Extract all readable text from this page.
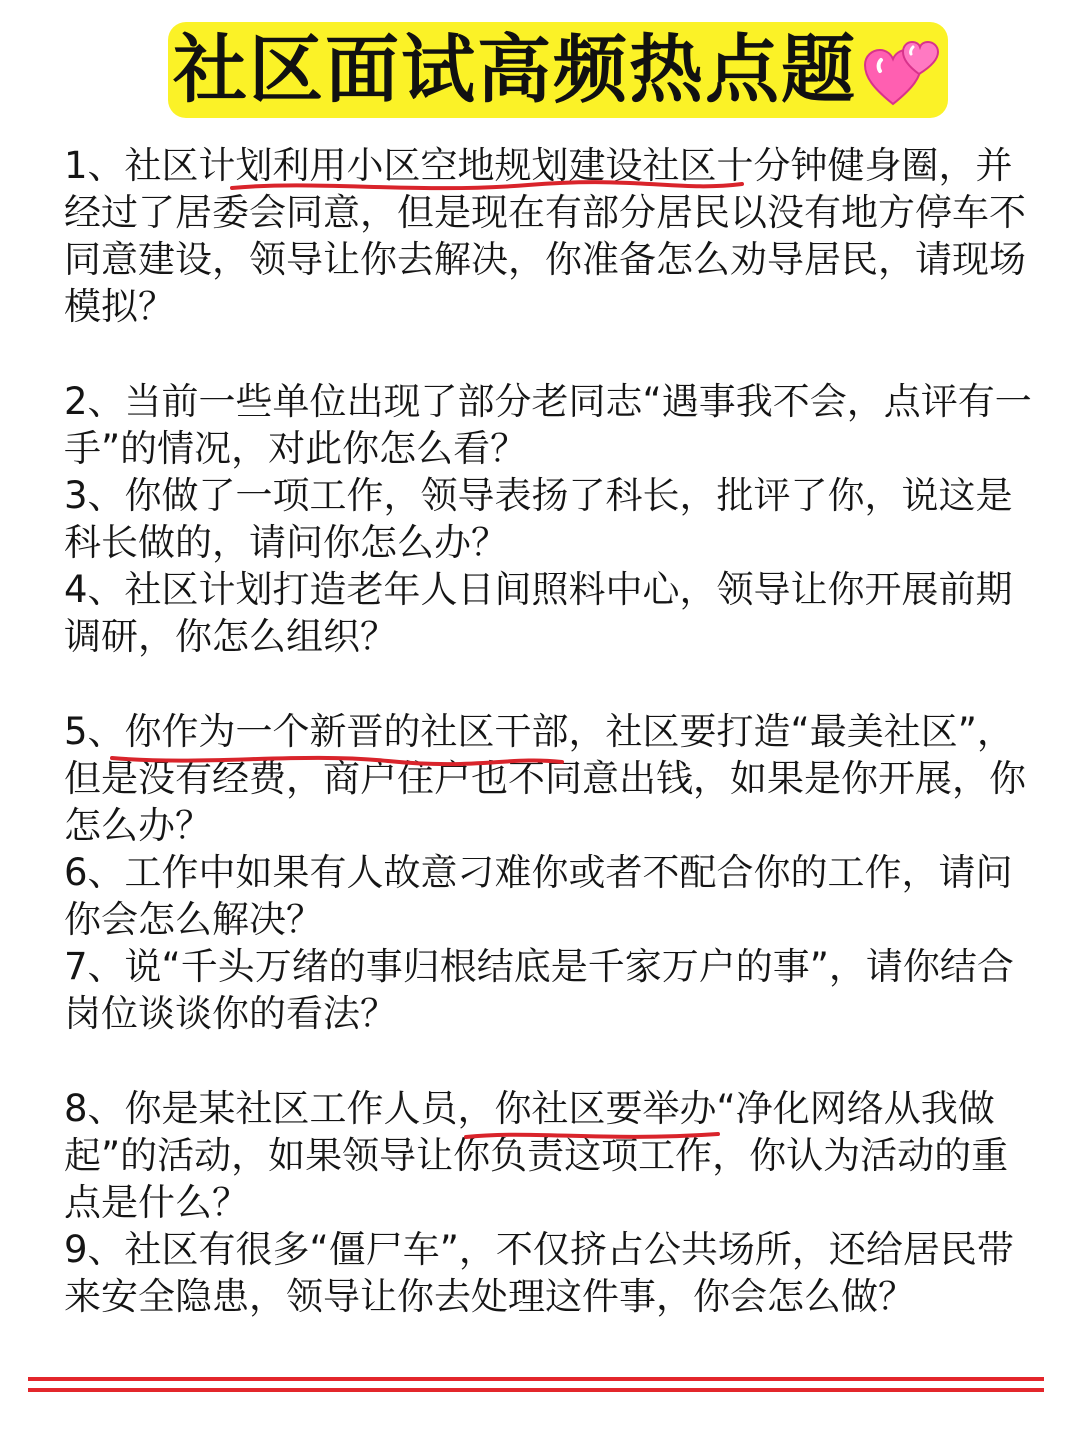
社区面试高频热点题

1、社区计划利用小区空地规划建设社区十分钟健身圈，并经过了居委会同意，但是现在有部分居民以没有地方停车不同意建设，领导让你去解决，你准备怎么劝导居民，请现场模拟？

2、当前一些单位出现了部分老同志“遇事我不会，点评有一手”的情况，对此你怎么看？

3、你做了一项工作，领导表扬了科长，批评了你，说这是科长做的，请问你怎么办？

4、社区计划打造老年人日间照料中心，领导让你开展前期调研，你怎么组织？

5、你作为一个新晋的社区干部，社区要打造“最美社区”，但是没有经费，商户住户也不同意出钱，如果是你开展，你怎么办？

6、工作中如果有人故意刁难你或者不配合你的工作，请问你会怎么解决？

7、说“千头万绪的事归根结底是千家万户的事”，请你结合岗位谈谈你的看法？

8、你是某社区工作人员，你社区要举办“净化网络从我做起”的活动，如果领导让你负责这项工作，你认为活动的重点是什么？

9、社区有很多“僵尸车”，不仅挤占公共场所，还给居民带来安全隐患，领导让你去处理这件事，你会怎么做？
